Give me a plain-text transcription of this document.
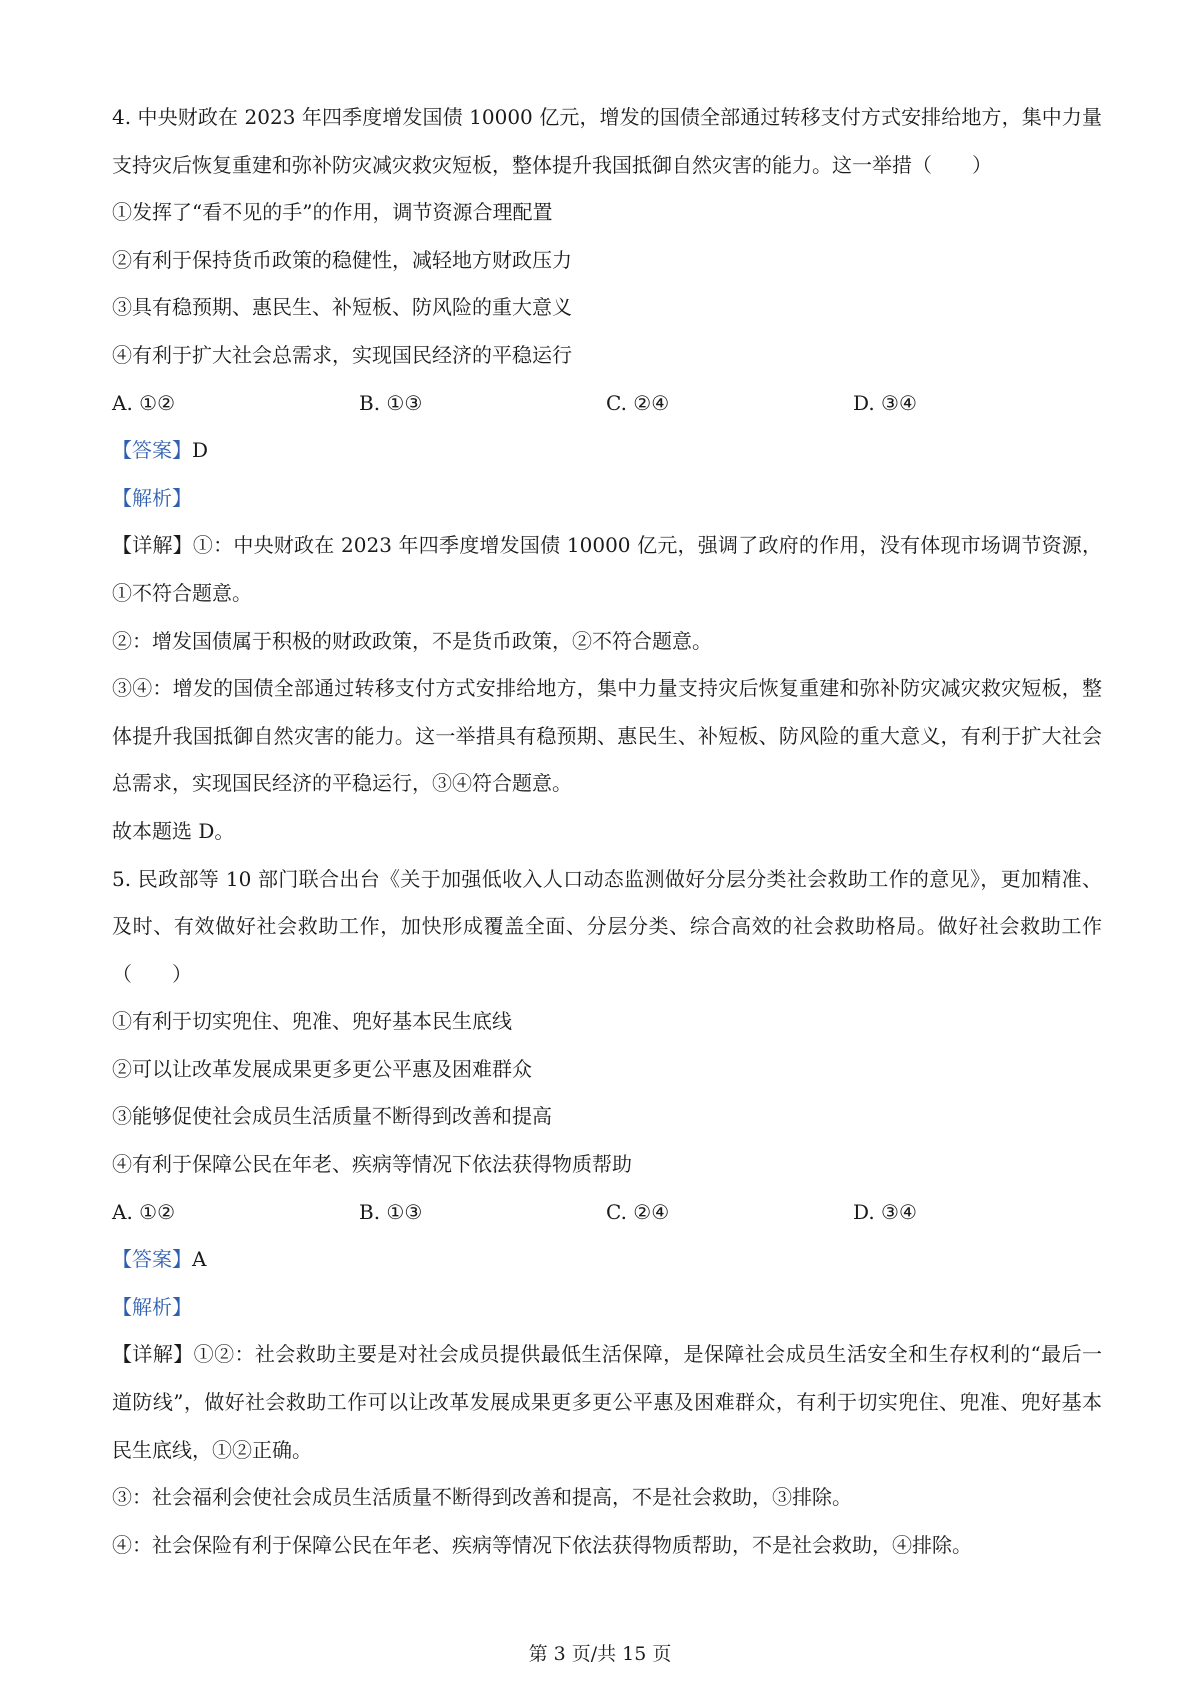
4. 中央财政在 2023 年四季度增发国债 10000 亿元，增发的国债全部通过转移支付方式安排给地方，集中力量支持灾后恢复重建和弥补防灾减灾救灾短板，整体提升我国抵御自然灾害的能力。这一举措（　　）
①发挥了“看不见的手”的作用，调节资源合理配置
②有利于保持货币政策的稳健性，减轻地方财政压力
③具有稳预期、惠民生、补短板、防风险的重大意义
④有利于扩大社会总需求，实现国民经济的平稳运行
A. ①②	B. ①③	C. ②④	D. ③④
【答案】D
【解析】
【详解】①：中央财政在 2023 年四季度增发国债 10000 亿元，强调了政府的作用，没有体现市场调节资源，①不符合题意。
②：增发国债属于积极的财政政策，不是货币政策，②不符合题意。
③④：增发的国债全部通过转移支付方式安排给地方，集中力量支持灾后恢复重建和弥补防灾减灾救灾短板，整体提升我国抵御自然灾害的能力。这一举措具有稳预期、惠民生、补短板、防风险的重大意义，有利于扩大社会总需求，实现国民经济的平稳运行，③④符合题意。
故本题选 D。
5. 民政部等 10 部门联合出台《关于加强低收入人口动态监测做好分层分类社会救助工作的意见》，更加精准、及时、有效做好社会救助工作，加快形成覆盖全面、分层分类、综合高效的社会救助格局。做好社会救助工作（　　）
①有利于切实兜住、兜准、兜好基本民生底线
②可以让改革发展成果更多更公平惠及困难群众
③能够促使社会成员生活质量不断得到改善和提高
④有利于保障公民在年老、疾病等情况下依法获得物质帮助
A. ①②	B. ①③	C. ②④	D. ③④
【答案】A
【解析】
【详解】①②：社会救助主要是对社会成员提供最低生活保障，是保障社会成员生活安全和生存权利的“最后一道防线”，做好社会救助工作可以让改革发展成果更多更公平惠及困难群众，有利于切实兜住、兜准、兜好基本民生底线，①②正确。
③：社会福利会使社会成员生活质量不断得到改善和提高，不是社会救助，③排除。
④：社会保险有利于保障公民在年老、疾病等情况下依法获得物质帮助，不是社会救助，④排除。
第 3 页/共 15 页
